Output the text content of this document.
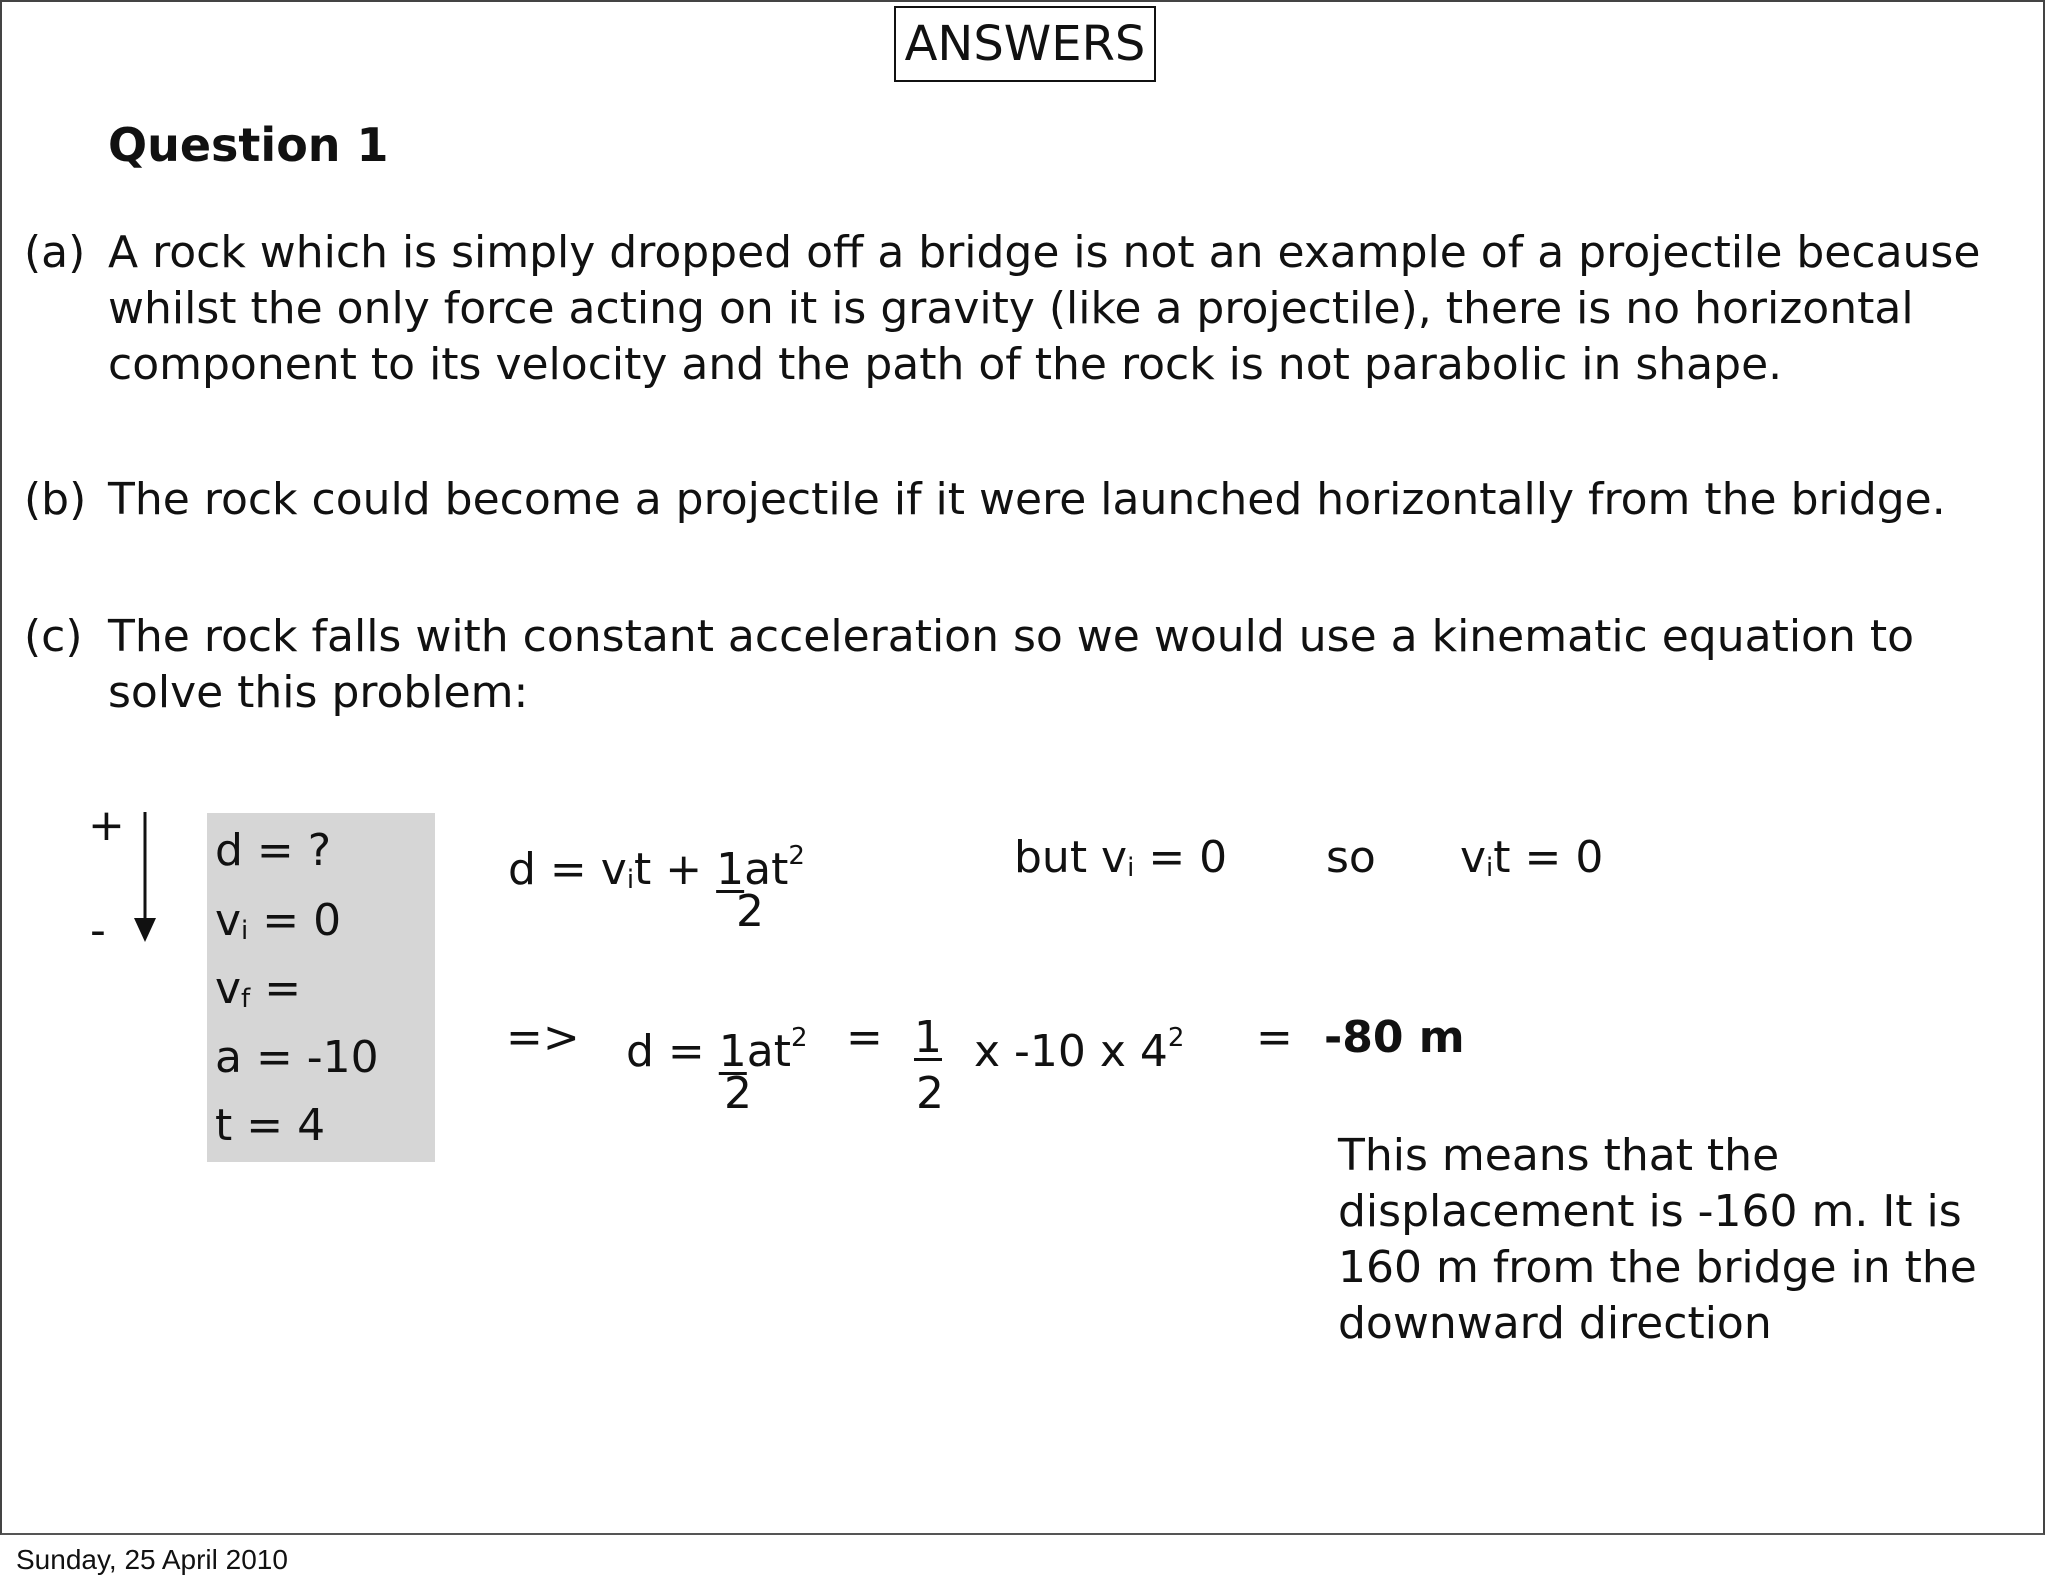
ANSWERS
Question 1
(a) A rock which is simply dropped off a bridge is not an example of a projectile because whilst the only force acting on it is gravity (like a projectile), there is no horizontal component to its velocity and the path of the rock is not parabolic in shape.
(b) The rock could become a projectile if it were launched horizontally from the bridge.
(c) The rock falls with constant acceleration so we would use a kinematic equation to solve this problem:
+
-
d = ?
$v_i = 0$
$v_f$ =
a = -10
t = 4
$d = v_it + 1at^2$
2
but $v_i = 0$ so $v_it = 0$
=> $d = 1at^2 = 1$ x -10 x $4^2 = -80$ m
2	2
This means that the displacement is -160 m. It is 160 m from the bridge in the downward direction
Sunday, 25 April 2010
